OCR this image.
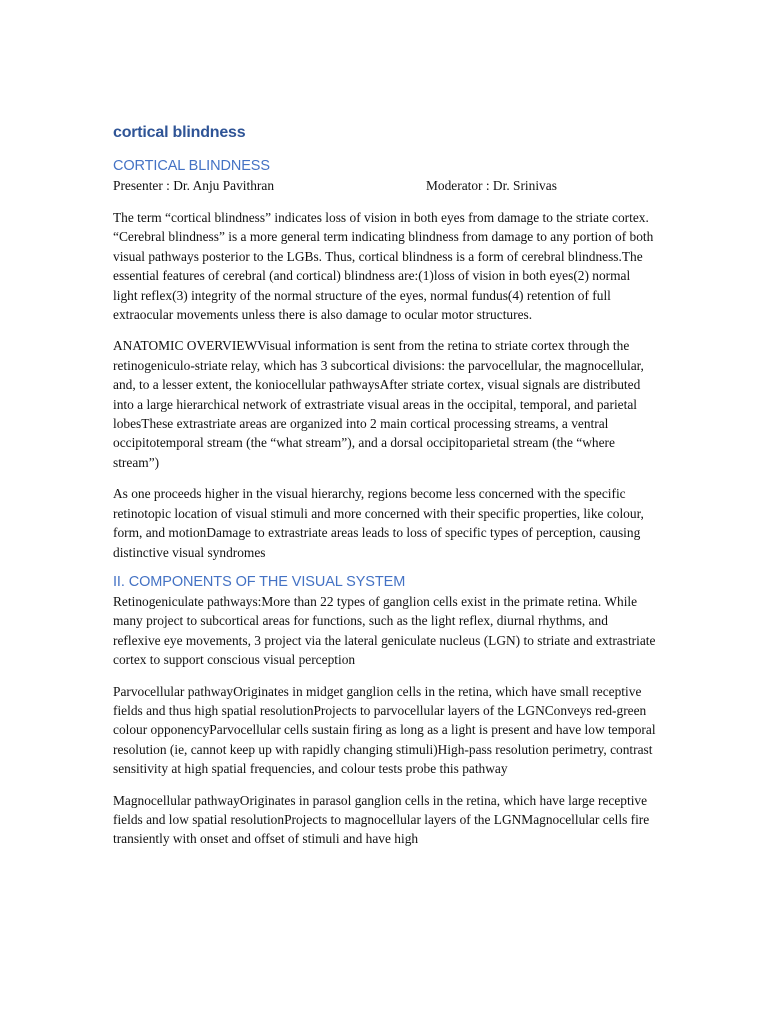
cortical blindness
CORTICAL BLINDNESS
Presenter : Dr. Anju Pavithran	Moderator : Dr. Srinivas

The term “cortical blindness” indicates loss of vision in both eyes from damage to the striate cortex. “Cerebral blindness” is a more general term indicating blindness from damage to any portion of both visual pathways posterior to the LGBs. Thus, cortical blindness is a form of cerebral blindness.The essential features of cerebral (and cortical) blindness are:(1)loss of vision in both eyes(2) normal light reflex(3) integrity of the normal structure of the eyes, normal fundus(4) retention of full extraocular movements unless there is also damage to ocular motor structures.

ANATOMIC OVERVIEWVisual information is sent from the retina to striate cortex through the retinogeniculo-striate relay, which has 3 subcortical divisions: the parvocellular, the magnocellular, and, to a lesser extent, the koniocellular pathwaysAfter striate cortex, visual signals are distributed into a large hierarchical network of extrastriate visual areas in the occipital, temporal, and parietal lobesThese extrastriate areas are organized into 2 main cortical processing streams, a ventral occipitotemporal stream (the “what stream”), and a dorsal occipitoparietal stream (the “where stream”)

As one proceeds higher in the visual hierarchy, regions become less concerned with the specific retinotopic location of visual stimuli and more concerned with their specific properties, like colour, form, and motionDamage to extrastriate areas leads to loss of specific types of perception, causing distinctive visual syndromes

II. COMPONENTS OF THE VISUAL SYSTEM

Retinogeniculate pathways:More than 22 types of ganglion cells exist in the primate retina. While many project to subcortical areas for functions, such as the light reflex, diurnal rhythms, and reflexive eye movements, 3 project via the lateral geniculate nucleus (LGN) to striate and extrastriate cortex to support conscious visual perception

Parvocellular pathwayOriginates in midget ganglion cells in the retina, which have small receptive fields and thus high spatial resolutionProjects to parvocellular layers of the LGNConveys red-green colour opponencyParvocellular cells sustain firing as long as a light is present and have low temporal resolution (ie, cannot keep up with rapidly changing stimuli)High-pass resolution perimetry, contrast sensitivity at high spatial frequencies, and colour tests probe this pathway

Magnocellular pathwayOriginates in parasol ganglion cells in the retina, which have large receptive fields and low spatial resolutionProjects to magnocellular layers of the LGNMagnocellular cells fire transiently with onset and offset of stimuli and have high
